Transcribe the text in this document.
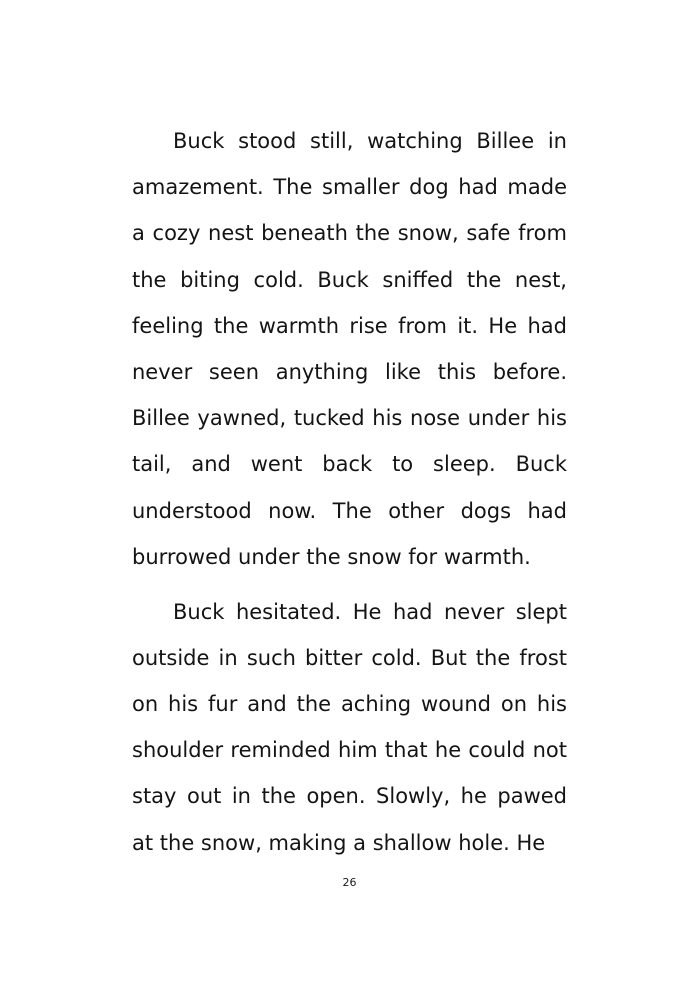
Buck stood still, watching Billee in amazement. The smaller dog had made a cozy nest beneath the snow, safe from the biting cold. Buck sniffed the nest, feeling the warmth rise from it. He had never seen anything like this before. Billee yawned, tucked his nose under his tail, and went back to sleep. Buck understood now. The other dogs had burrowed under the snow for warmth.

Buck hesitated. He had never slept outside in such bitter cold. But the frost on his fur and the aching wound on his shoulder reminded him that he could not stay out in the open. Slowly, he pawed at the snow, making a shallow hole. He

26
